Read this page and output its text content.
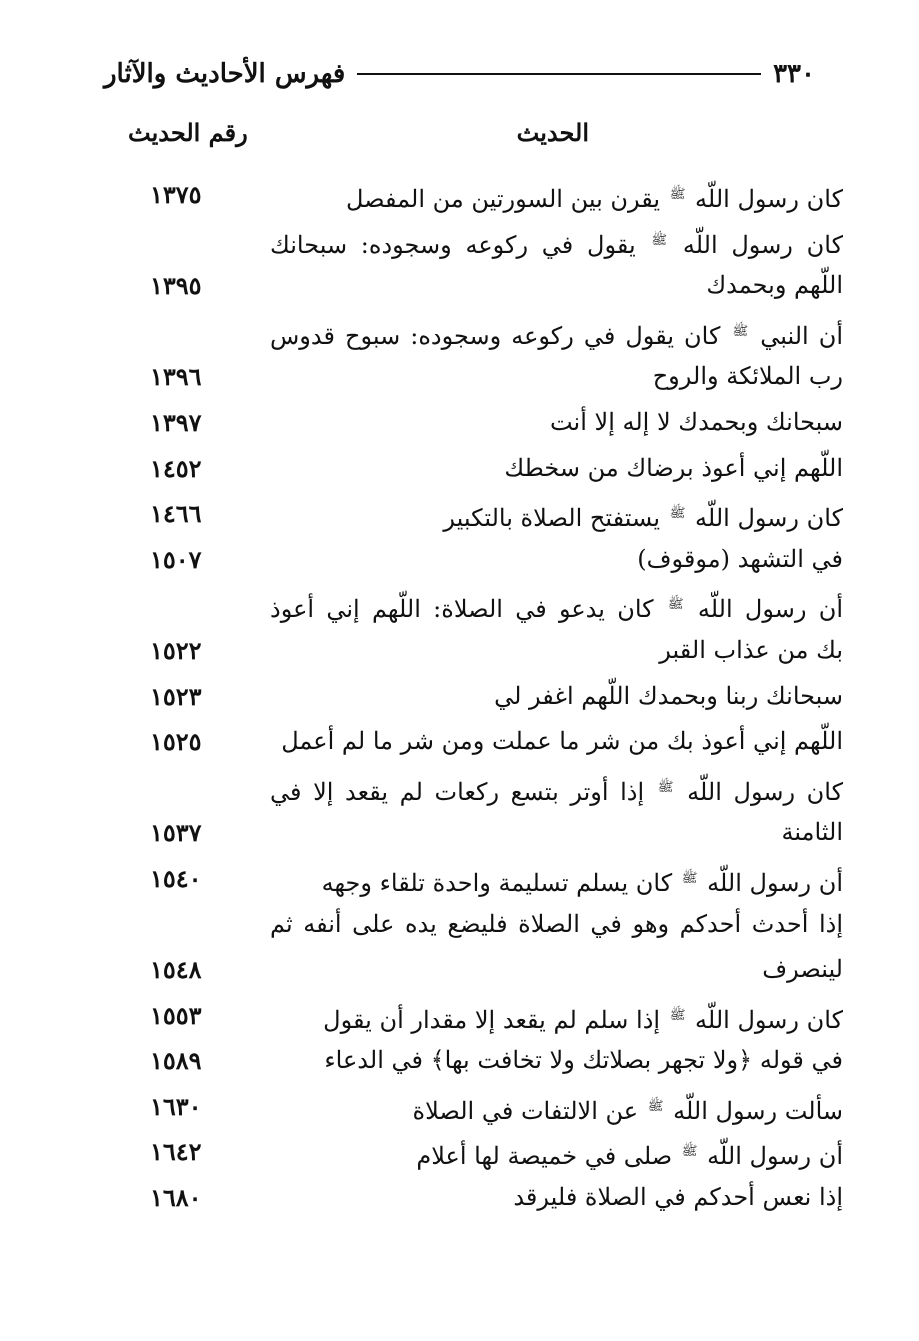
٣٣٠
فهرس الأحاديث والآثار
الحديث
رقم الحديث
كان رسول اللّه ﷺ يقرن بين السورتين من المفصل
١٣٧٥
كان رسول اللّه ﷺ يقول في ركوعه وسجوده: سبحانك
اللّهم وبحمدك
١٣٩٥
أن النبي ﷺ كان يقول في ركوعه وسجوده: سبوح قدوس
رب الملائكة والروح
١٣٩٦
سبحانك وبحمدك لا إله إلا أنت
١٣٩٧
اللّهم إني أعوذ برضاك من سخطك
١٤٥٢
كان رسول اللّه ﷺ يستفتح الصلاة بالتكبير
١٤٦٦
في التشهد (موقوف)
١٥٠٧
أن رسول اللّه ﷺ كان يدعو في الصلاة: اللّهم إني أعوذ
بك من عذاب القبر
١٥٢٢
سبحانك ربنا وبحمدك اللّهم اغفر لي
١٥٢٣
اللّهم إني أعوذ بك من شر ما عملت ومن شر ما لم أعمل
١٥٢٥
كان رسول اللّه ﷺ إذا أوتر بتسع ركعات لم يقعد إلا في
الثامنة
١٥٣٧
أن رسول اللّه ﷺ كان يسلم تسليمة واحدة تلقاء وجهه
١٥٤٠
إذا أحدث أحدكم وهو في الصلاة فليضع يده على أنفه ثم
لينصرف
١٥٤٨
كان رسول اللّه ﷺ إذا سلم لم يقعد إلا مقدار أن يقول
١٥٥٣
في قوله ﴿ولا تجهر بصلاتك ولا تخافت بها﴾ في الدعاء
١٥٨٩
سألت رسول اللّه ﷺ عن الالتفات في الصلاة
١٦٣٠
أن رسول اللّه ﷺ صلى في خميصة لها أعلام
١٦٤٢
إذا نعس أحدكم في الصلاة فليرقد
١٦٨٠
